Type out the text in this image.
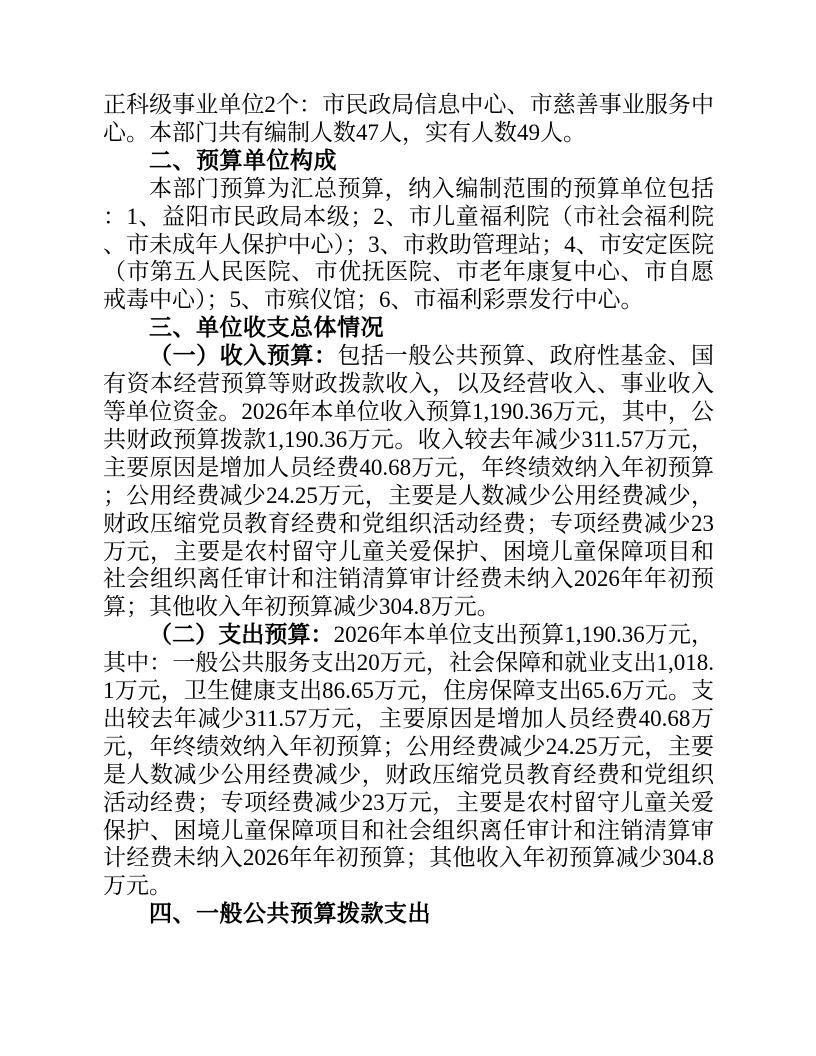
正科级事业单位2个：市民政局信息中心、市慈善事业服务中心。本部门共有编制人数47人，实有人数49人。

二、预算单位构成

本部门预算为汇总预算，纳入编制范围的预算单位包括：1、益阳市民政局本级；2、市儿童福利院（市社会福利院、市未成年人保护中心）；3、市救助管理站；4、市安定医院（市第五人民医院、市优抚医院、市老年康复中心、市自愿戒毒中心）；5、市殡仪馆；6、市福利彩票发行中心。

三、单位收支总体情况

（一）收入预算：包括一般公共预算、政府性基金、国有资本经营预算等财政拨款收入，以及经营收入、事业收入等单位资金。2026年本单位收入预算1,190.36万元，其中，公共财政预算拨款1,190.36万元。收入较去年减少311.57万元，主要原因是增加人员经费40.68万元，年终绩效纳入年初预算；公用经费减少24.25万元，主要是人数减少公用经费减少，财政压缩党员教育经费和党组织活动经费；专项经费减少23万元，主要是农村留守儿童关爱保护、困境儿童保障项目和社会组织离任审计和注销清算审计经费未纳入2026年年初预算；其他收入年初预算减少304.8万元。

（二）支出预算：2026年本单位支出预算1,190.36万元，其中：一般公共服务支出20万元，社会保障和就业支出1,018.1万元，卫生健康支出86.65万元，住房保障支出65.6万元。支出较去年减少311.57万元，主要原因是增加人员经费40.68万元，年终绩效纳入年初预算；公用经费减少24.25万元，主要是人数减少公用经费减少，财政压缩党员教育经费和党组织活动经费；专项经费减少23万元，主要是农村留守儿童关爱保护、困境儿童保障项目和社会组织离任审计和注销清算审计经费未纳入2026年年初预算；其他收入年初预算减少304.8万元。

四、一般公共预算拨款支出
